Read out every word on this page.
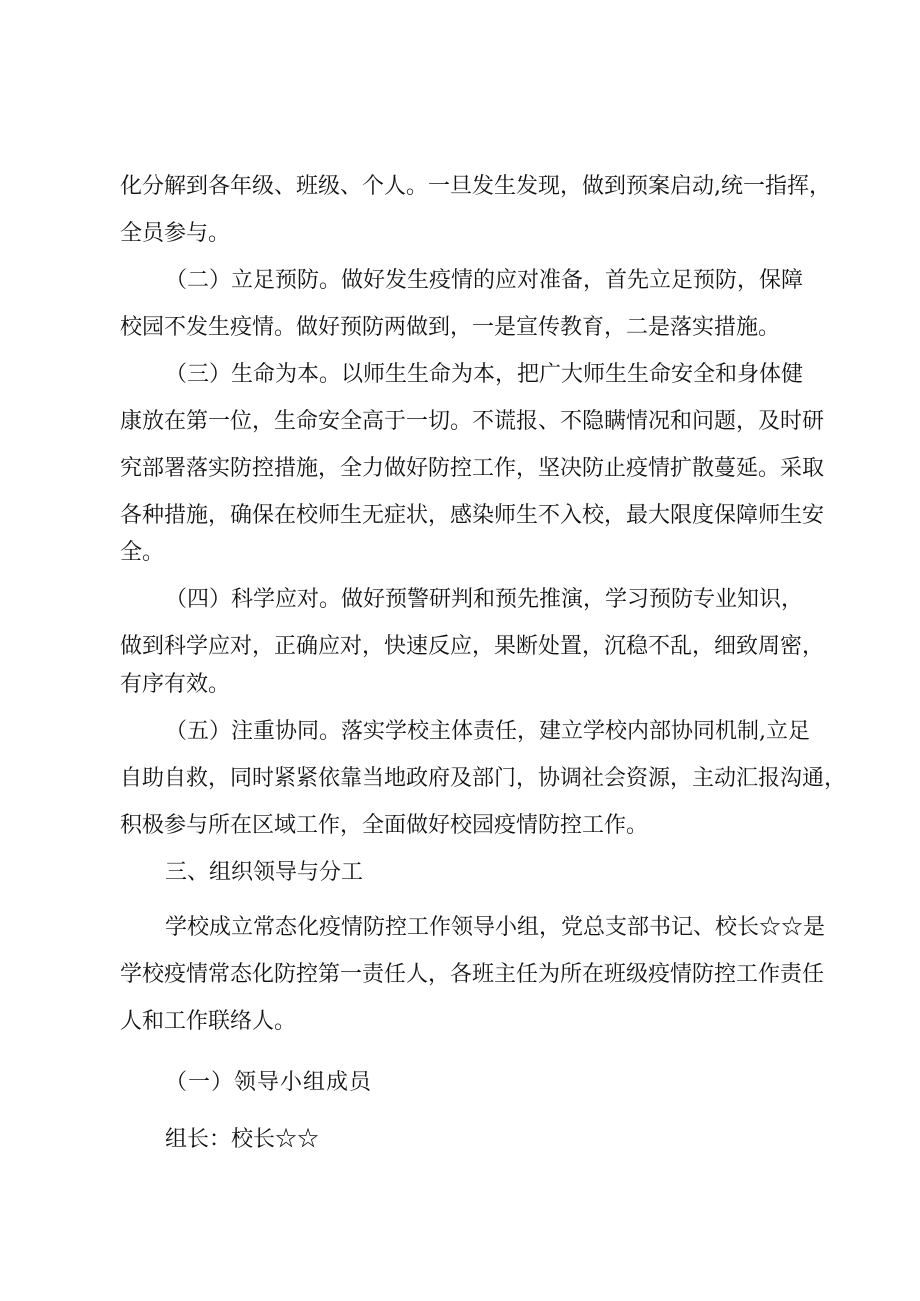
化分解到各年级、班级、个人。一旦发生发现，做到预案启动,统一指挥，

全员参与。

（二）立足预防。做好发生疫情的应对准备，首先立足预防，保障

校园不发生疫情。做好预防两做到，一是宣传教育，二是落实措施。

（三）生命为本。以师生生命为本，把广大师生生命安全和身体健

康放在第一位，生命安全高于一切。不谎报、不隐瞒情况和问题，及时研

究部署落实防控措施，全力做好防控工作，坚决防止疫情扩散蔓延。采取

各种措施，确保在校师生无症状，感染师生不入校，最大限度保障师生安

全。

（四）科学应对。做好预警研判和预先推演，学习预防专业知识，

做到科学应对，正确应对，快速反应，果断处置，沉稳不乱，细致周密，

有序有效。

（五）注重协同。落实学校主体责任，建立学校内部协同机制,立足

自助自救，同时紧紧依靠当地政府及部门，协调社会资源，主动汇报沟通，

积极参与所在区域工作，全面做好校园疫情防控工作。

三、组织领导与分工

学校成立常态化疫情防控工作领导小组，党总支部书记、校长☆☆是

学校疫情常态化防控第一责任人，各班主任为所在班级疫情防控工作责任

人和工作联络人。

（一）领导小组成员

组长：校长☆☆
